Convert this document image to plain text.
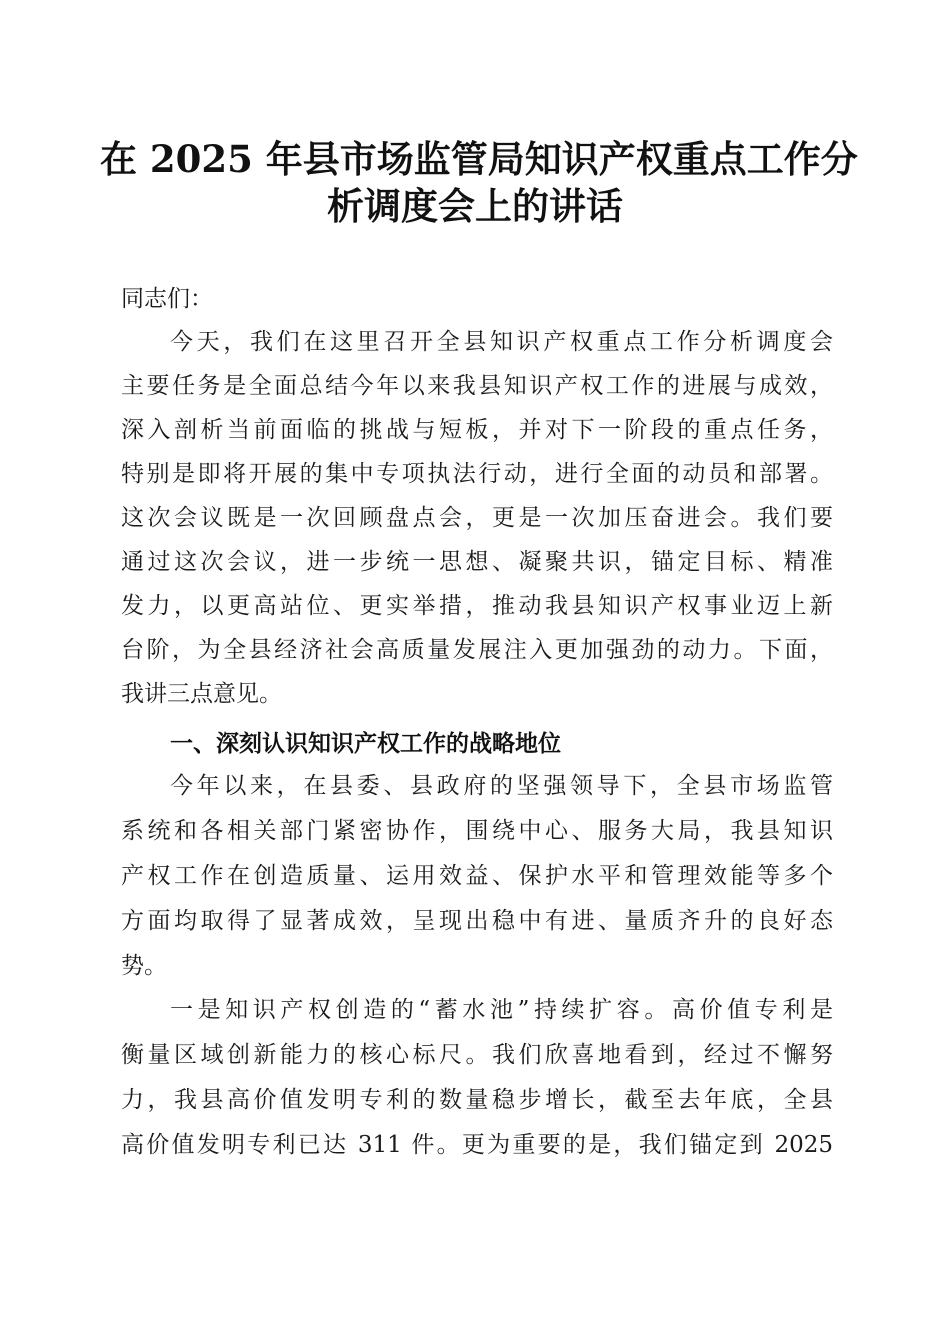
在 2025 年县市场监管局知识产权重点工作分
析调度会上的讲话
同志们：
今天，我们在这里召开全县知识产权重点工作分析调度会
主要任务是全面总结今年以来我县知识产权工作的进展与成效，
深入剖析当前面临的挑战与短板，并对下一阶段的重点任务，
特别是即将开展的集中专项执法行动，进行全面的动员和部署。
这次会议既是一次回顾盘点会，更是一次加压奋进会。我们要
通过这次会议，进一步统一思想、凝聚共识，锚定目标、精准
发力，以更高站位、更实举措，推动我县知识产权事业迈上新
台阶，为全县经济社会高质量发展注入更加强劲的动力。下面，
我讲三点意见。
一、深刻认识知识产权工作的战略地位
今年以来，在县委、县政府的坚强领导下，全县市场监管
系统和各相关部门紧密协作，围绕中心、服务大局，我县知识
产权工作在创造质量、运用效益、保护水平和管理效能等多个
方面均取得了显著成效，呈现出稳中有进、量质齐升的良好态
势。
一是知识产权创造的“蓄水池”持续扩容。高价值专利是
衡量区域创新能力的核心标尺。我们欣喜地看到，经过不懈努
力，我县高价值发明专利的数量稳步增长，截至去年底，全县
高价值发明专利已达 311 件。更为重要的是，我们锚定到 2025
